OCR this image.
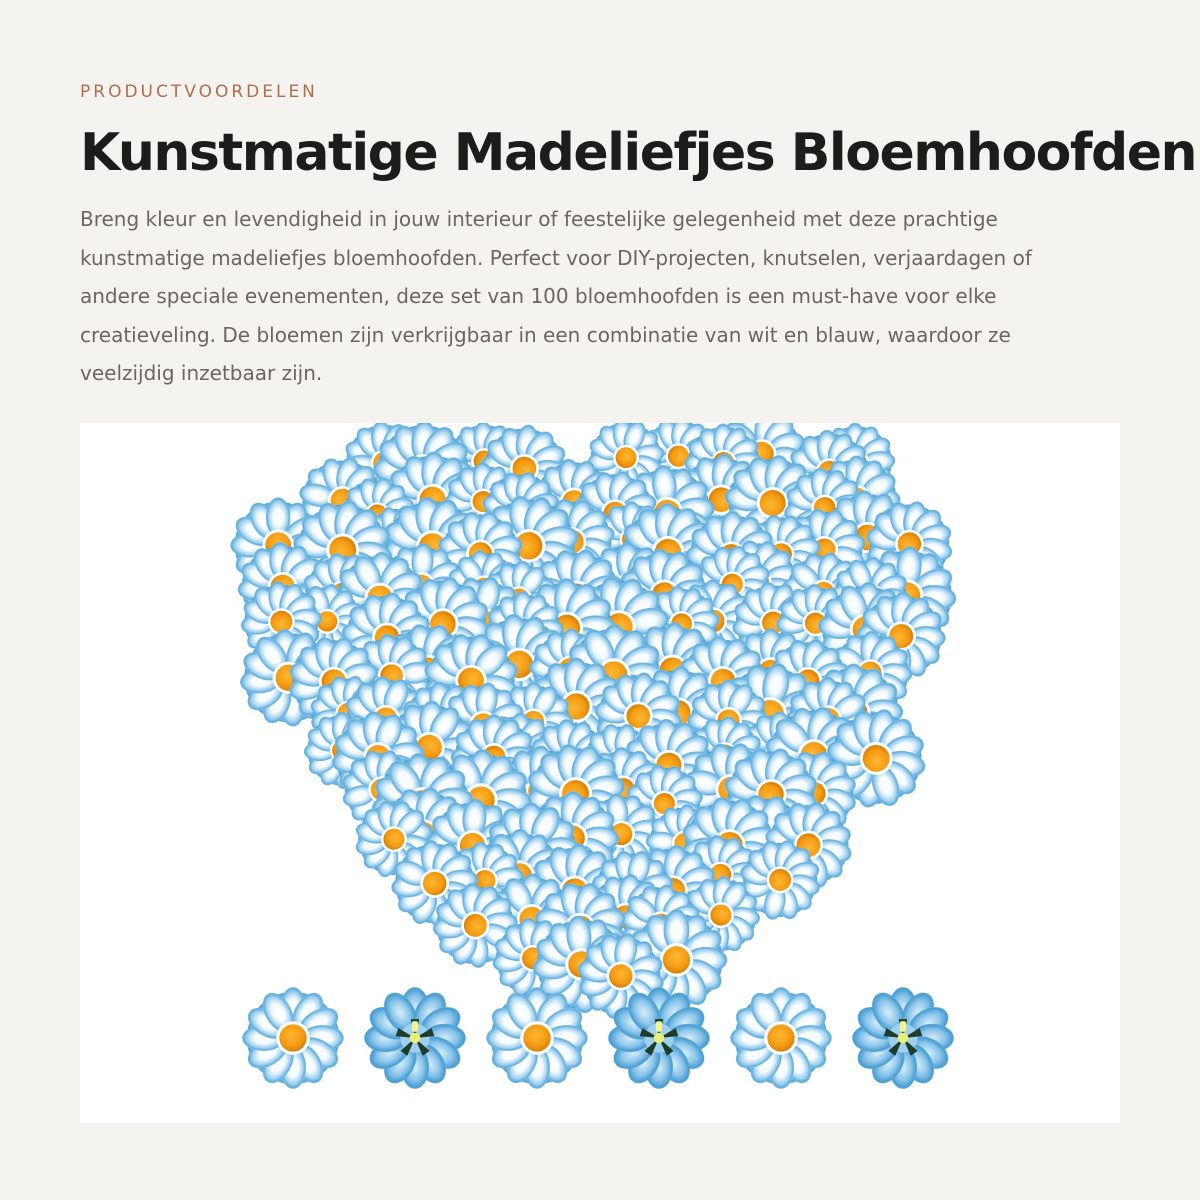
PRODUCTVOORDELEN
Kunstmatige Madeliefjes Bloemhoofden

Breng kleur en levendigheid in jouw interieur of feestelijke gelegenheid met deze prachtige kunstmatige madeliefjes bloemhoofden. Perfect voor DIY-projecten, knutselen, verjaardagen of andere speciale evenementen, deze set van 100 bloemhoofden is een must-have voor elke creatieveling. De bloemen zijn verkrijgbaar in een combinatie van wit en blauw, waardoor ze veelzijdig inzetbaar zijn.
